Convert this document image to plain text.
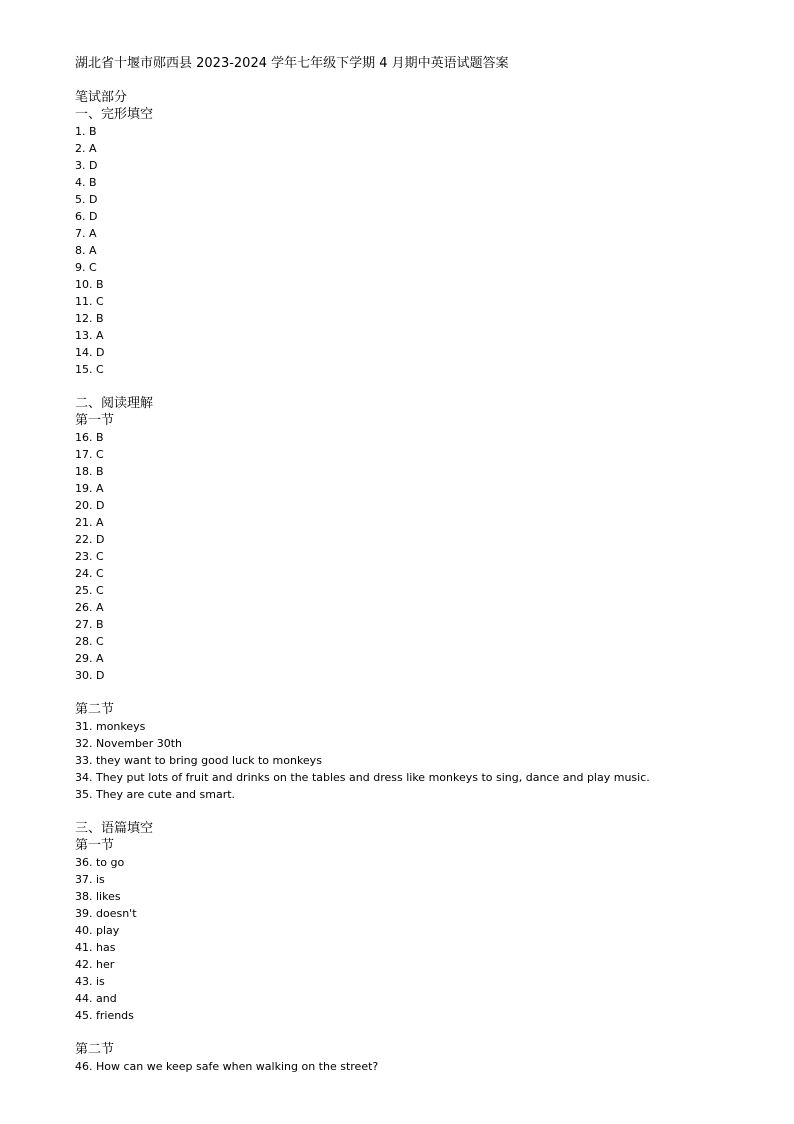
湖北省十堰市郧西县 2023-2024 学年七年级下学期 4 月期中英语试题答案
笔试部分
一、完形填空
1. B
2. A
3. D
4. B
5. D
6. D
7. A
8. A
9. C
10. B
11. C
12. B
13. A
14. D
15. C
二、阅读理解
第一节
16. B
17. C
18. B
19. A
20. D
21. A
22. D
23. C
24. C
25. C
26. A
27. B
28. C
29. A
30. D
第二节
31. monkeys
32. November 30th
33. they want to bring good luck to monkeys
34. They put lots of fruit and drinks on the tables and dress like monkeys to sing, dance and play music.
35. They are cute and smart.
三、语篇填空
第一节
36. to go
37. is
38. likes
39. doesn't
40. play
41. has
42. her
43. is
44. and
45. friends
第二节
46. How can we keep safe when walking on the street?
